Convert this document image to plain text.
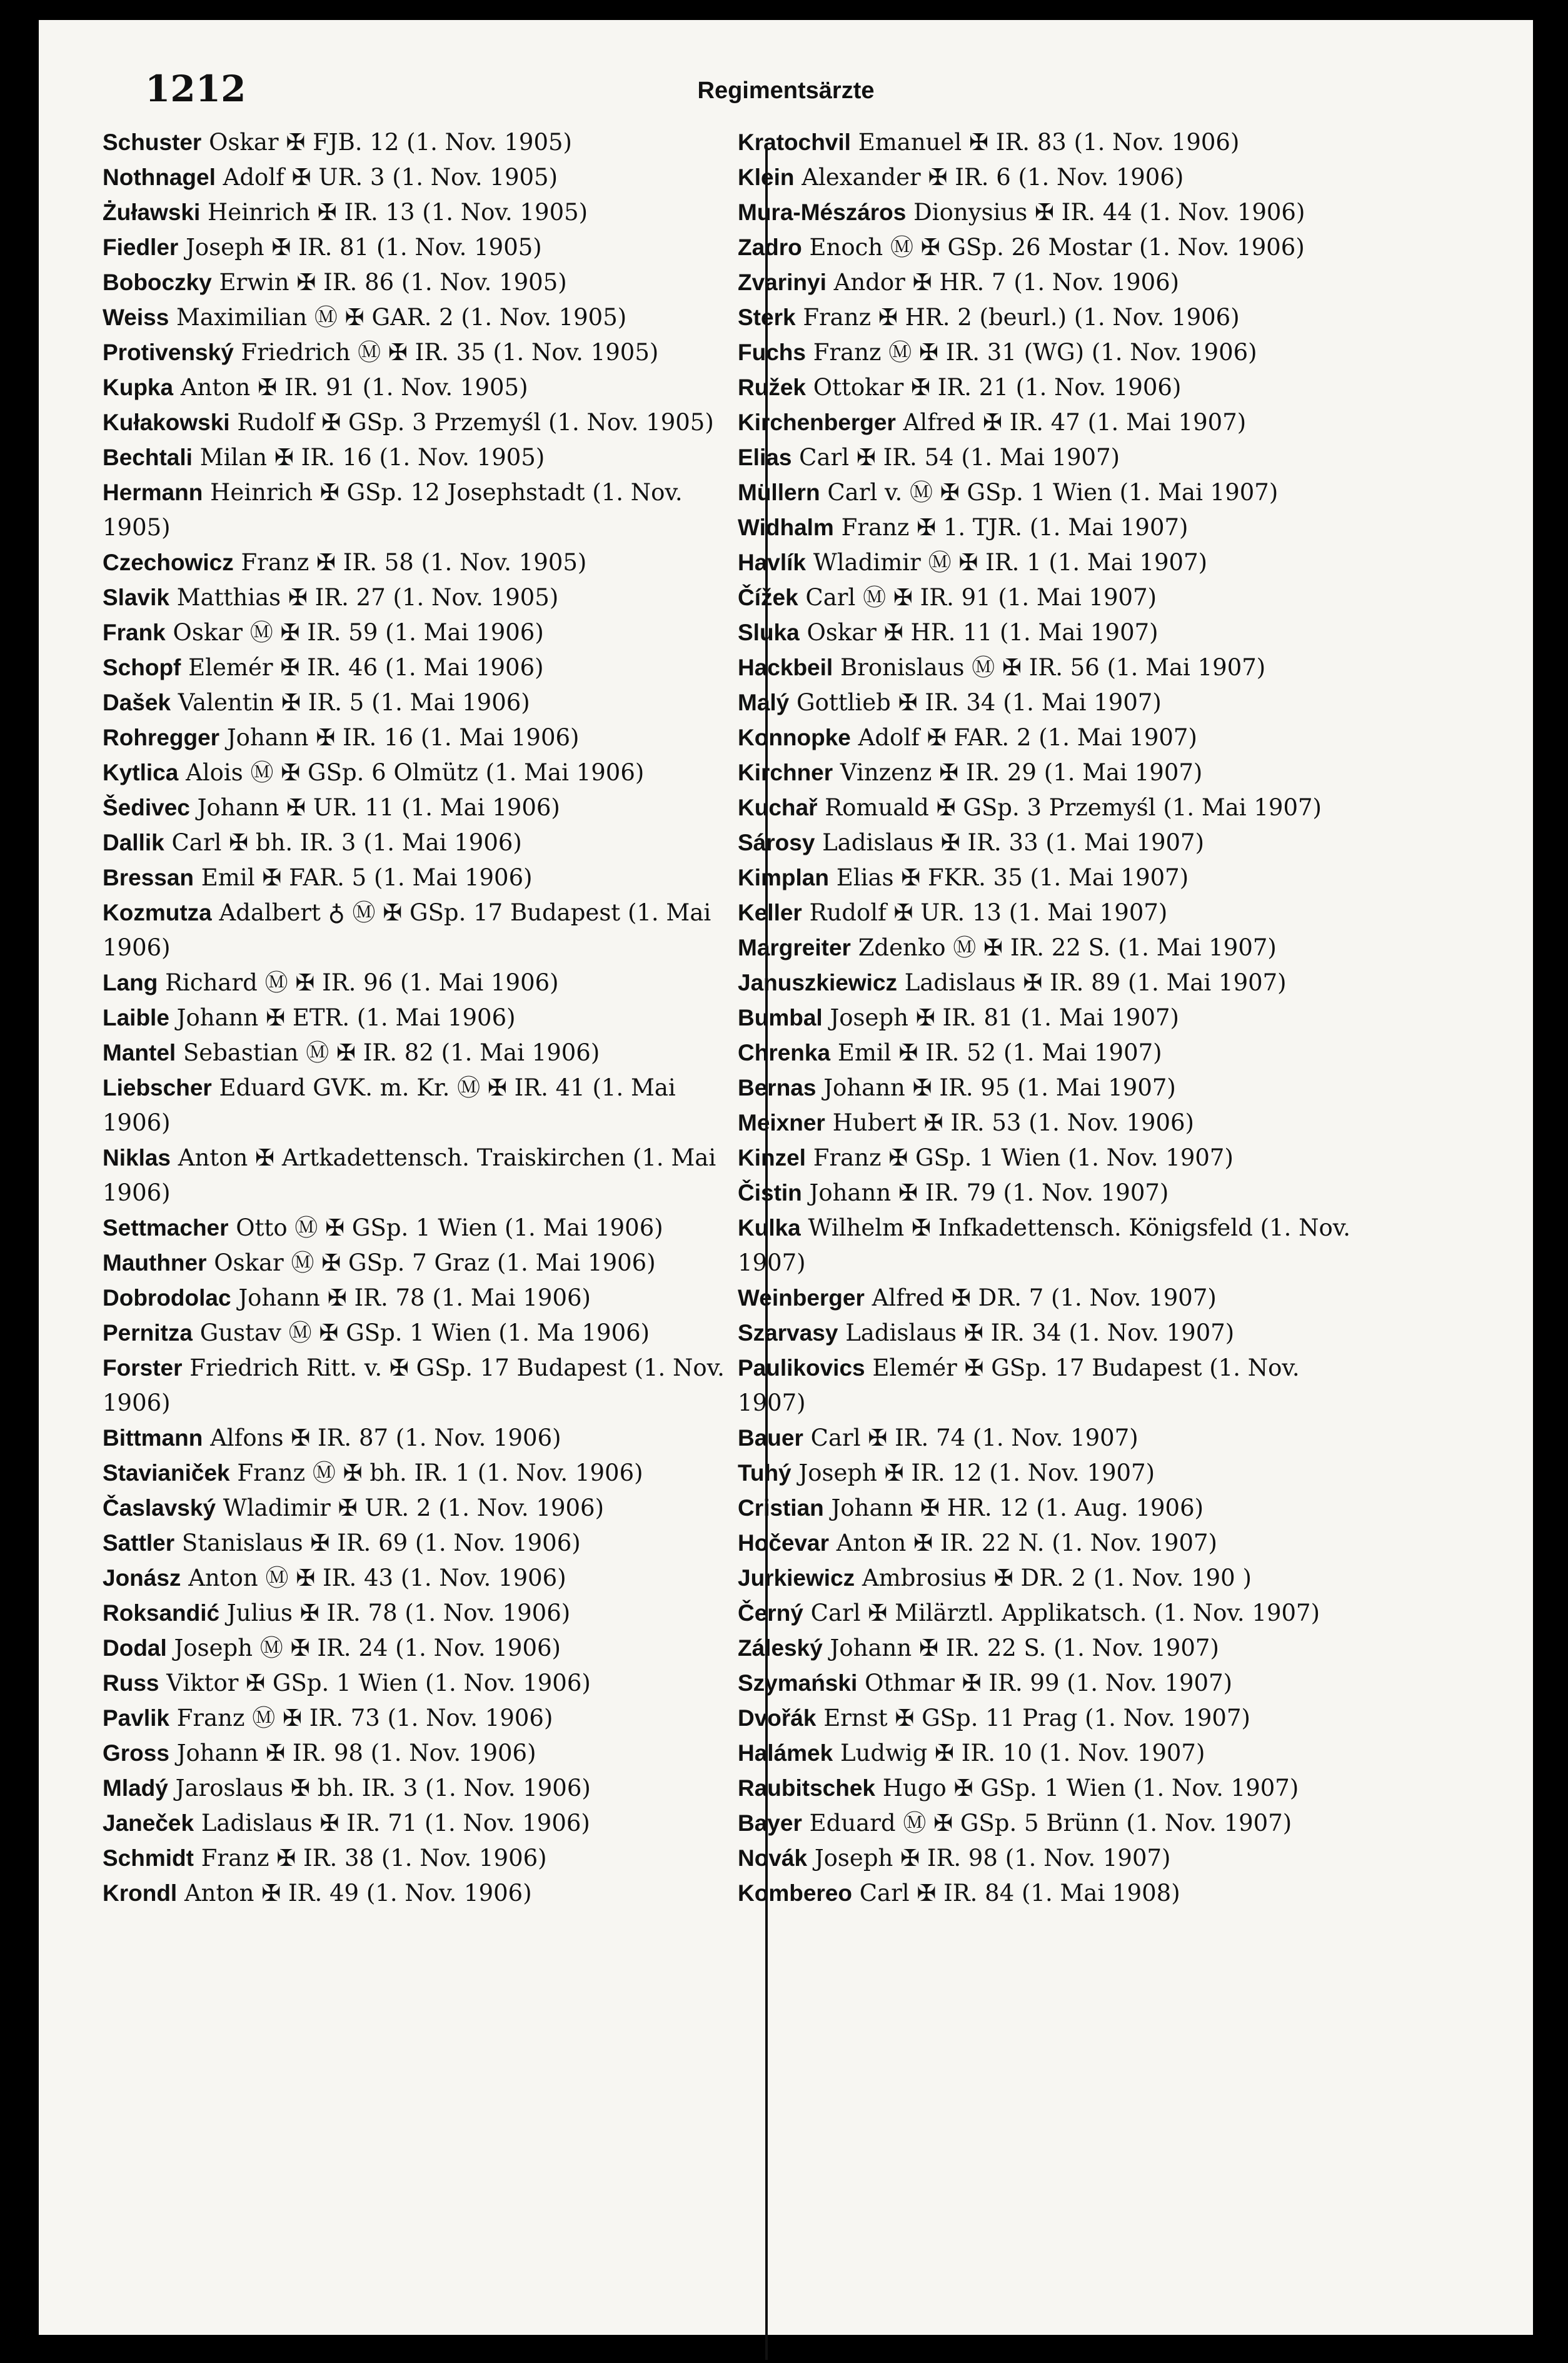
1212	Regimentsärzte

Schuster Oskar ✠ FJB. 12 (1. Nov. 1905)

Nothnagel Adolf ✠ UR. 3 (1. Nov. 1905)

Żuławski Heinrich ✠ IR. 13 (1. Nov. 1905)

Fiedler Joseph ✠ IR. 81 (1. Nov. 1905)

Boboczky Erwin ✠ IR. 86 (1. Nov. 1905)

Weiss Maximilian Ⓜ ✠ GAR. 2 (1. Nov. 1905)

Protivenský Friedrich Ⓜ ✠ IR. 35 (1. Nov. 1905)

Kupka Anton ✠ IR. 91 (1. Nov. 1905)

Kułakowski Rudolf ✠ GSp. 3 Przemyśl (1. Nov. 1905)

Bechtali Milan ✠ IR. 16 (1. Nov. 1905)

Hermann Heinrich ✠ GSp. 12 Josephstadt (1. Nov. 1905)

Czechowicz Franz ✠ IR. 58 (1. Nov. 1905)

Slavik Matthias ✠ IR. 27 (1. Nov. 1905)

Frank Oskar Ⓜ ✠ IR. 59 (1. Mai 1906)

Schopf Elemér ✠ IR. 46 (1. Mai 1906)

Dašek Valentin ✠ IR. 5 (1. Mai 1906)

Rohregger Johann ✠ IR. 16 (1. Mai 1906)

Kytlica Alois Ⓜ ✠ GSp. 6 Olmütz (1. Mai 1906)

Šedivec Johann ✠ UR. 11 (1. Mai 1906)

Dallik Carl ✠ bh. IR. 3 (1. Mai 1906)

Bressan Emil ✠ FAR. 5 (1. Mai 1906)

Kozmutza Adalbert ♁ Ⓜ ✠ GSp. 17 Budapest (1. Mai 1906)

Lang Richard Ⓜ ✠ IR. 96 (1. Mai 1906)

Laible Johann ✠ ETR. (1. Mai 1906)

Mantel Sebastian Ⓜ ✠ IR. 82 (1. Mai 1906)

Liebscher Eduard GVK. m. Kr. Ⓜ ✠ IR. 41 (1. Mai 1906)

Niklas Anton ✠ Artkadettensch. Traiskirchen (1. Mai 1906)

Settmacher Otto Ⓜ ✠ GSp. 1 Wien (1. Mai 1906)

Mauthner Oskar Ⓜ ✠ GSp. 7 Graz (1. Mai 1906)

Dobrodolac Johann ✠ IR. 78 (1. Mai 1906)

Pernitza Gustav Ⓜ ✠ GSp. 1 Wien (1. Ma 1906)

Forster Friedrich Ritt. v. ✠ GSp. 17 Budapest (1. Nov. 1906)

Bittmann Alfons ✠ IR. 87 (1. Nov. 1906)

Stavianiček Franz Ⓜ ✠ bh. IR. 1 (1. Nov. 1906)

Časlavský Wladimir ✠ UR. 2 (1. Nov. 1906)

Sattler Stanislaus ✠ IR. 69 (1. Nov. 1906)

Jonász Anton Ⓜ ✠ IR. 43 (1. Nov. 1906)

Roksandić Julius ✠ IR. 78 (1. Nov. 1906)

Dodal Joseph Ⓜ ✠ IR. 24 (1. Nov. 1906)

Russ Viktor ✠ GSp. 1 Wien (1. Nov. 1906)

Pavlik Franz Ⓜ ✠ IR. 73 (1. Nov. 1906)

Gross Johann ✠ IR. 98 (1. Nov. 1906)

Mladý Jaroslaus ✠ bh. IR. 3 (1. Nov. 1906)

Janeček Ladislaus ✠ IR. 71 (1. Nov. 1906)

Schmidt Franz ✠ IR. 38 (1. Nov. 1906)

Krondl Anton ✠ IR. 49 (1. Nov. 1906)

Kratochvil Emanuel ✠ IR. 83 (1. Nov. 1906)

Klein Alexander ✠ IR. 6 (1. Nov. 1906)

Mura-Mészáros Dionysius ✠ IR. 44 (1. Nov. 1906)

Zadro Enoch Ⓜ ✠ GSp. 26 Mostar (1. Nov. 1906)

Zvarinyi Andor ✠ HR. 7 (1. Nov. 1906)

Sterk Franz ✠ HR. 2 (beurl.) (1. Nov. 1906)

Fuchs Franz Ⓜ ✠ IR. 31 (WG) (1. Nov. 1906)

Ružek Ottokar ✠ IR. 21 (1. Nov. 1906)

Kirchenberger Alfred ✠ IR. 47 (1. Mai 1907)

Elias Carl ✠ IR. 54 (1. Mai 1907)

Müllern Carl v. Ⓜ ✠ GSp. 1 Wien (1. Mai 1907)

Widhalm Franz ✠ 1. TJR. (1. Mai 1907)

Havlík Wladimir Ⓜ ✠ IR. 1 (1. Mai 1907)

Čížek Carl Ⓜ ✠ IR. 91 (1. Mai 1907)

Sluka Oskar ✠ HR. 11 (1. Mai 1907)

Hackbeil Bronislaus Ⓜ ✠ IR. 56 (1. Mai 1907)

Malý Gottlieb ✠ IR. 34 (1. Mai 1907)

Konnopke Adolf ✠ FAR. 2 (1. Mai 1907)

Kirchner Vinzenz ✠ IR. 29 (1. Mai 1907)

Kuchař Romuald ✠ GSp. 3 Przemyśl (1. Mai 1907)

Sárosy Ladislaus ✠ IR. 33 (1. Mai 1907)

Kimplan Elias ✠ FKR. 35 (1. Mai 1907)

Keller Rudolf ✠ UR. 13 (1. Mai 1907)

Margreiter Zdenko Ⓜ ✠ IR. 22 S. (1. Mai 1907)

Januszkiewicz Ladislaus ✠ IR. 89 (1. Mai 1907)

Bumbal Joseph ✠ IR. 81 (1. Mai 1907)

Chrenka Emil ✠ IR. 52 (1. Mai 1907)

Bernas Johann ✠ IR. 95 (1. Mai 1907)

Meixner Hubert ✠ IR. 53 (1. Nov. 1906)

Kinzel Franz ✠ GSp. 1 Wien (1. Nov. 1907)

Čistin Johann ✠ IR. 79 (1. Nov. 1907)

Kulka Wilhelm ✠ Infkadettensch. Königsfeld (1. Nov. 1907)

Weinberger Alfred ✠ DR. 7 (1. Nov. 1907)

Szarvasy Ladislaus ✠ IR. 34 (1. Nov. 1907)

Paulikovics Elemér ✠ GSp. 17 Budapest (1. Nov. 1907)

Bauer Carl ✠ IR. 74 (1. Nov. 1907)

Tuhý Joseph ✠ IR. 12 (1. Nov. 1907)

Cristian Johann ✠ HR. 12 (1. Aug. 1906)

Hočevar Anton ✠ IR. 22 N. (1. Nov. 1907)

Jurkiewicz Ambrosius ✠ DR. 2 (1. Nov. 190 )

Černý Carl ✠ Milärztl. Applikatsch. (1. Nov. 1907)

Záleský Johann ✠ IR. 22 S. (1. Nov. 1907)

Szymański Othmar ✠ IR. 99 (1. Nov. 1907)

Dvořák Ernst ✠ GSp. 11 Prag (1. Nov. 1907)

Halámek Ludwig ✠ IR. 10 (1. Nov. 1907)

Raubitschek Hugo ✠ GSp. 1 Wien (1. Nov. 1907)

Bayer Eduard Ⓜ ✠ GSp. 5 Brünn (1. Nov. 1907)

Novák Joseph ✠ IR. 98 (1. Nov. 1907)

Kombereo Carl ✠ IR. 84 (1. Mai 1908)
